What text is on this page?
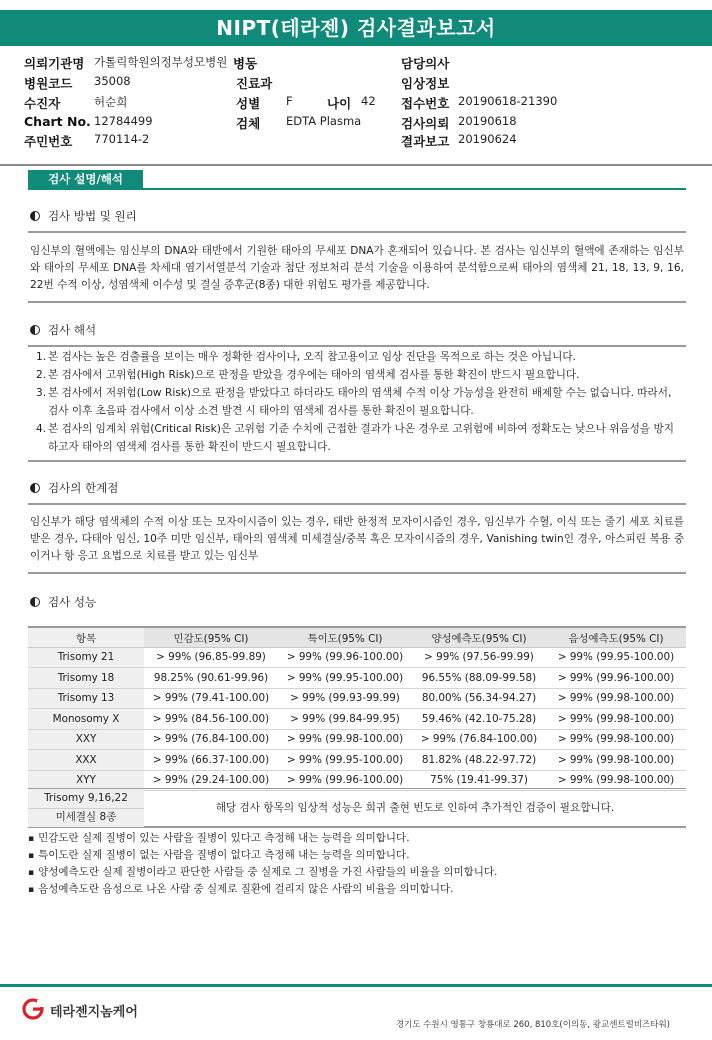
NIPT(테라젠) 검사결과보고서
의뢰기관명 가톨릭학원의정부성모병원 병동	담당의사
병원코드 35008	진료과	임상정보
수진자	허순희	성별 F	나이 42 접수번호 20190618-21390
Chart No. 12784499	검체 EDTA Plasma	검사의뢰 20190618
주민번호 770114-2	결과보고 20190624
검사 설명/해석
검사 방법 및 원리
임신부의 혈액에는 임신부의 DNA와 태반에서 기원한 태아의 무세포 DNA가 혼재되어 있습니다. 본 검사는 임신부의 혈액에 존재하는 임신부와 태아의 무세포 DNA를 차세대 염기서열분석 기술과 첨단 정보처리 분석 기술을 이용하여 분석함으로써 태아의 염색체 21, 18, 13, 9, 16, 22번 수적 이상, 성염색체 이수성 및 결실 증후군(8종) 대한 위험도 평가를 제공합니다.
검사 해석
1. 본 검사는 높은 검출률을 보이는 매우 정확한 검사이나, 오직 참고용이고 임상 진단을 목적으로 하는 것은 아닙니다.
2. 본 검사에서 고위험(High Risk)으로 판정을 받았을 경우에는 태아의 염색체 검사를 통한 확진이 반드시 필요합니다.
3. 본 검사에서 저위험(Low Risk)으로 판정을 받았다고 하더라도 태아의 염색체 수적 이상 가능성을 완전히 배제할 수는 없습니다. 따라서, 검사 이후 초음파 검사에서 이상 소견 발견 시 태아의 염색체 검사를 통한 확진이 필요합니다.
4. 본 검사의 임계치 위험(Critical Risk)은 고위험 기준 수치에 근접한 결과가 나온 경우로 고위험에 비하여 정확도는 낮으나 위음성을 방지하고자 태아의 염색체 검사를 통한 확진이 반드시 필요합니다.
검사의 한계점
임신부가 해당 염색체의 수적 이상 또는 모자이시즘이 있는 경우, 태반 한정적 모자이시즘인 경우, 임신부가 수혈, 이식 또는 줄기 세포 치료를 받은 경우, 다태아 임신, 10주 미만 임신부, 태아의 염색체 미세결실/중복 혹은 모자이시즘의 경우, Vanishing twin인 경우, 아스피린 복용 중이거나 항 응고 요법으로 치료를 받고 있는 임신부
검사 성능
항목	민감도(95% CI)	특이도(95% CI)	양성예측도(95% CI)	음성예측도(95% CI)
Trisomy 21	> 99% (96.85-99.89)	> 99% (99.96-100.00)	> 99% (97.56-99.99)	> 99% (99.95-100.00)
Trisomy 18	98.25% (90.61-99.96)	> 99% (99.95-100.00)	96.55% (88.09-99.58)	> 99% (99.96-100.00)
Trisomy 13	> 99% (79.41-100.00)	> 99% (99.93-99.99)	80.00% (56.34-94.27)	> 99% (99.98-100.00)
Monosomy X	> 99% (84.56-100.00)	> 99% (99.84-99.95)	59.46% (42.10-75.28)	> 99% (99.98-100.00)
XXY	> 99% (76.84-100.00)	> 99% (99.98-100.00)	> 99% (76.84-100.00)	> 99% (99.98-100.00)
XXX	> 99% (66.37-100.00)	> 99% (99.95-100.00)	81.82% (48.22-97.72)	> 99% (99.98-100.00)
XYY	> 99% (29.24-100.00)	> 99% (99.96-100.00)	75% (19.41-99.37)	> 99% (99.98-100.00)
Trisomy 9,16,22
미세결실 8종
해당 검사 항목의 임상적 성능은 희귀 출현 빈도로 인하여 추가적인 검증이 필요합니다.
▪ 민감도란 실제 질병이 있는 사람을 질병이 있다고 측정해 내는 능력을 의미합니다.
▪ 특이도란 실제 질병이 없는 사람을 질병이 없다고 측정해 내는 능력을 의미합니다.
▪ 양성예측도란 실제 질병이라고 판단한 사람들 중 실제로 그 질병을 가진 사람들의 비율을 의미합니다.
▪ 음성예측도란 음성으로 나온 사람 중 실제로 질환에 걸리지 않은 사람의 비율을 의미합니다.
테라젠지놈케어
경기도 수원시 영통구 창룡대로 260, 810호(이의동, 광교센트럴비즈타워)
